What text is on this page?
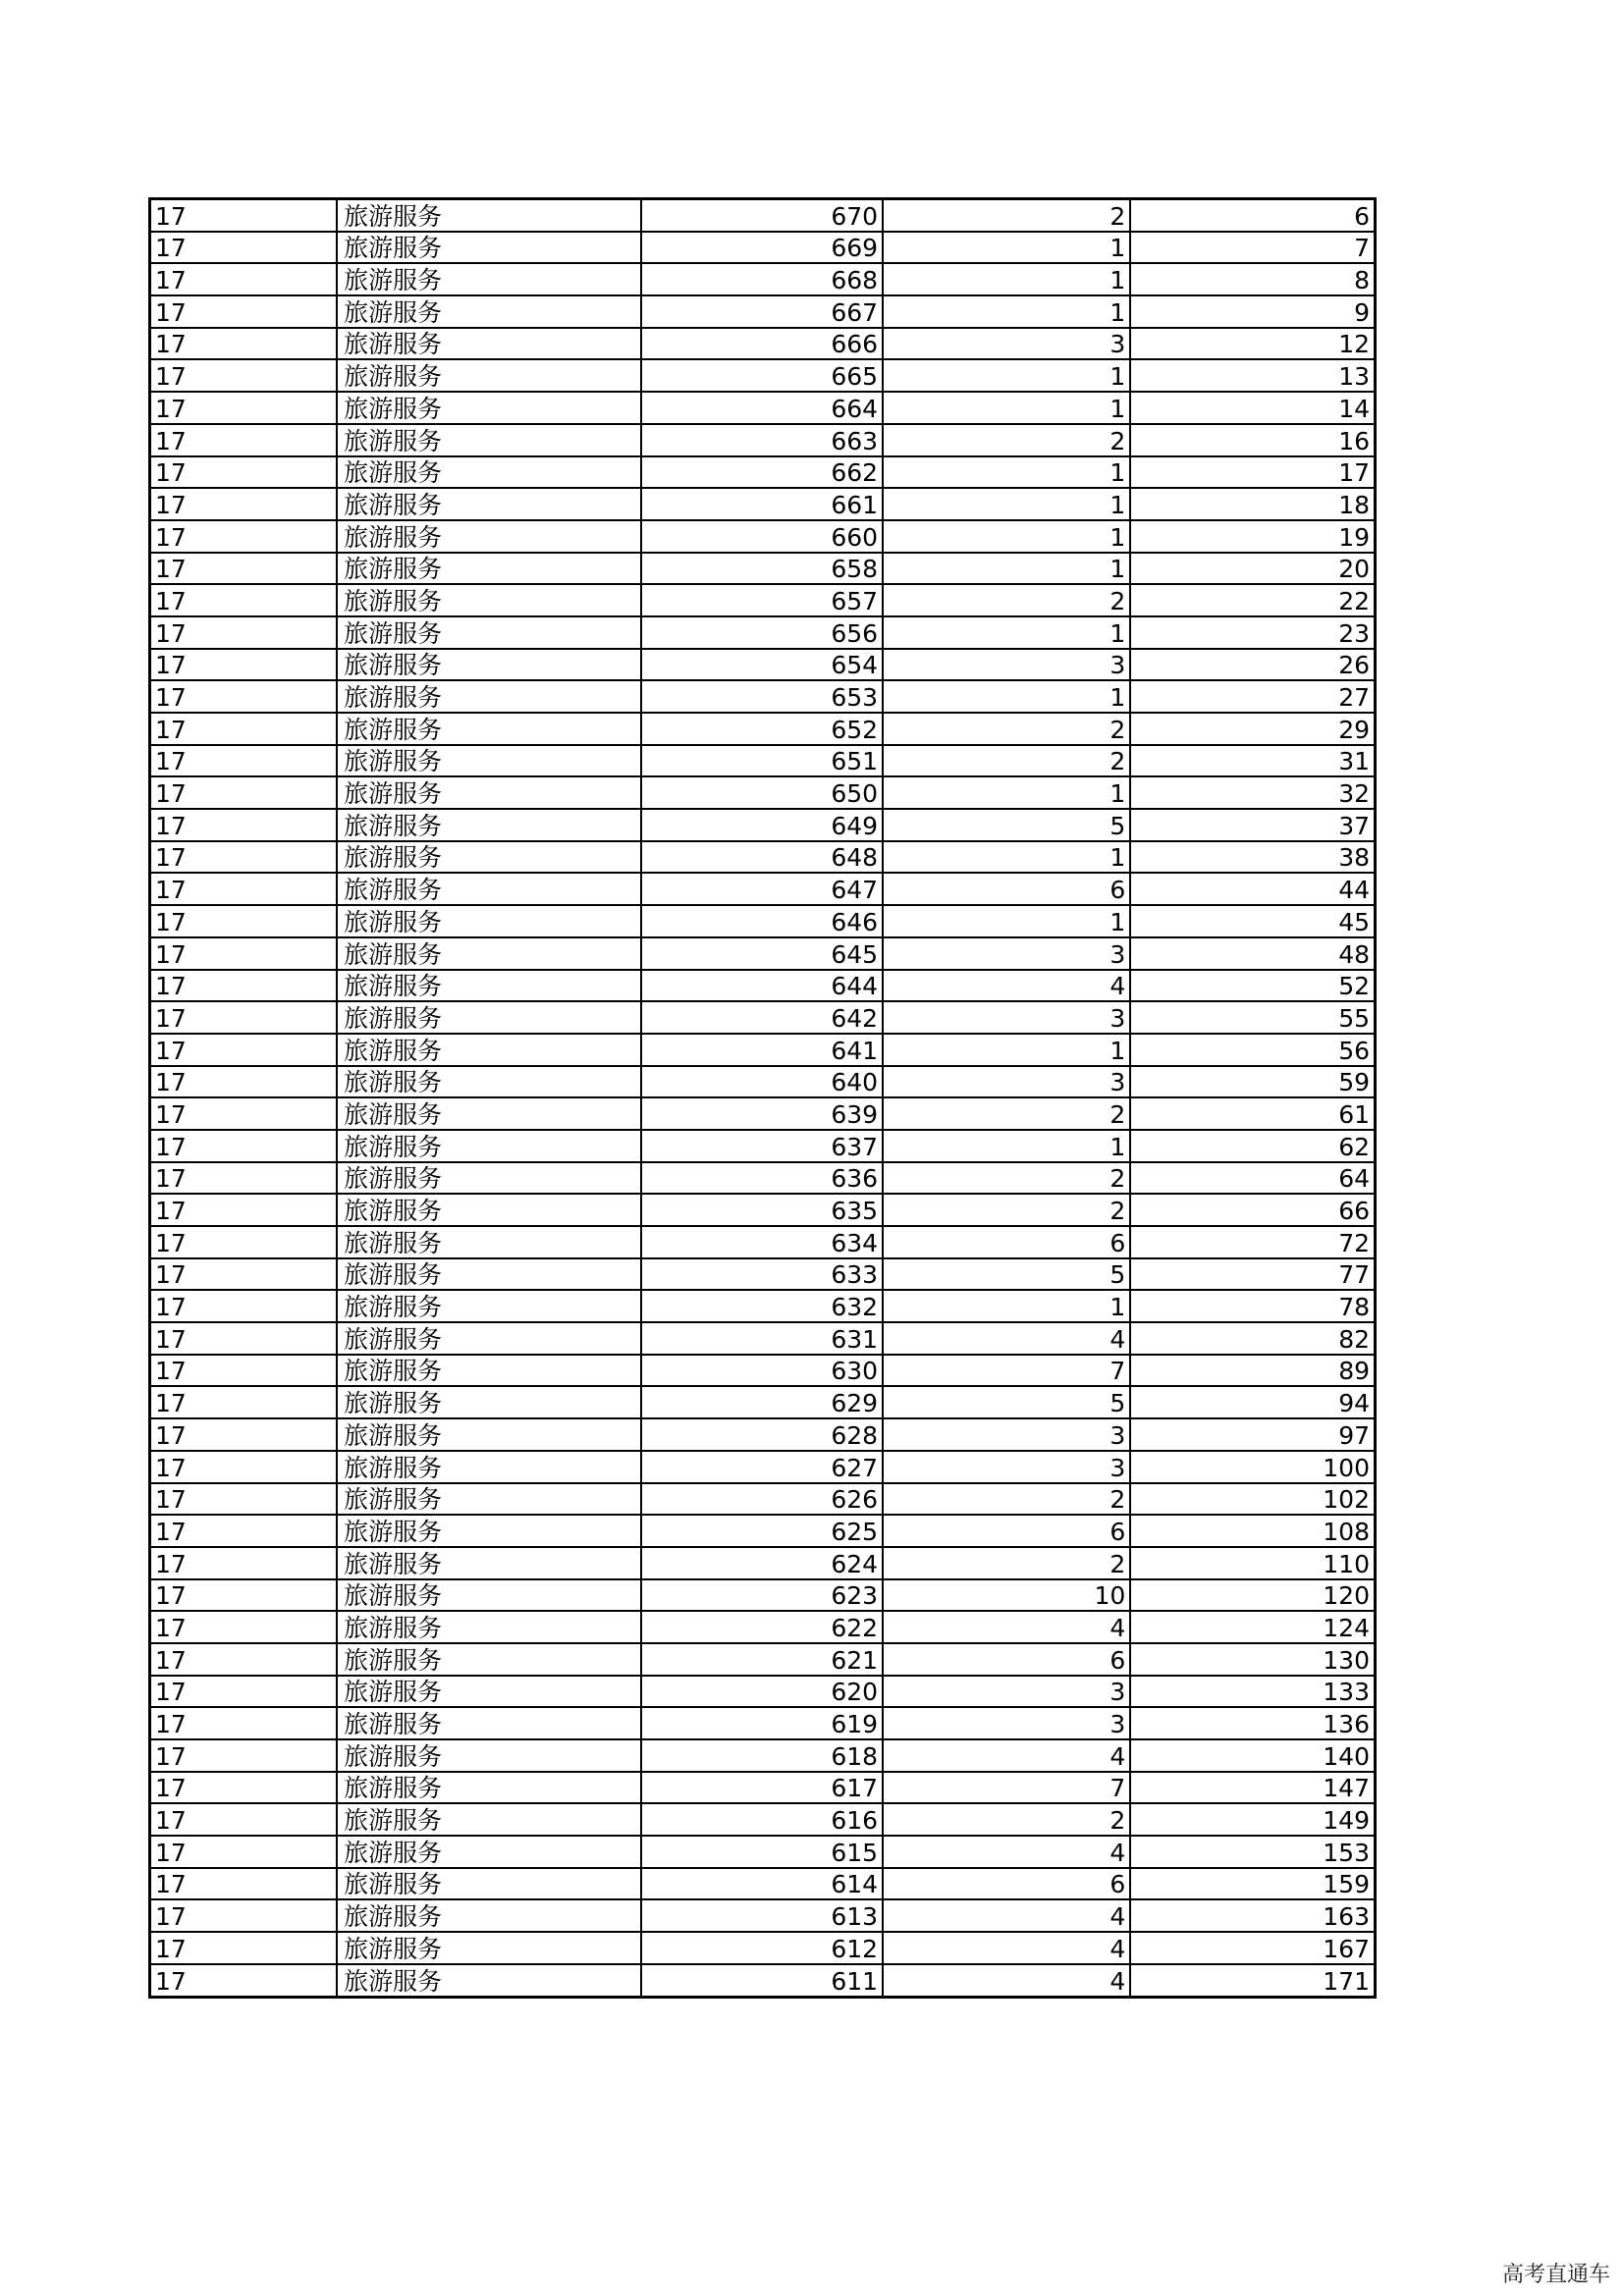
17	旅游服务	670	2	6
17	旅游服务	669	1	7
17	旅游服务	668	1	8
17	旅游服务	667	1	9
17	旅游服务	666	3	12
17	旅游服务	665	1	13
17	旅游服务	664	1	14
17	旅游服务	663	2	16
17	旅游服务	662	1	17
17	旅游服务	661	1	18
17	旅游服务	660	1	19
17	旅游服务	658	1	20
17	旅游服务	657	2	22
17	旅游服务	656	1	23
17	旅游服务	654	3	26
17	旅游服务	653	1	27
17	旅游服务	652	2	29
17	旅游服务	651	2	31
17	旅游服务	650	1	32
17	旅游服务	649	5	37
17	旅游服务	648	1	38
17	旅游服务	647	6	44
17	旅游服务	646	1	45
17	旅游服务	645	3	48
17	旅游服务	644	4	52
17	旅游服务	642	3	55
17	旅游服务	641	1	56
17	旅游服务	640	3	59
17	旅游服务	639	2	61
17	旅游服务	637	1	62
17	旅游服务	636	2	64
17	旅游服务	635	2	66
17	旅游服务	634	6	72
17	旅游服务	633	5	77
17	旅游服务	632	1	78
17	旅游服务	631	4	82
17	旅游服务	630	7	89
17	旅游服务	629	5	94
17	旅游服务	628	3	97
17	旅游服务	627	3	100
17	旅游服务	626	2	102
17	旅游服务	625	6	108
17	旅游服务	624	2	110
17	旅游服务	623	10	120
17	旅游服务	622	4	124
17	旅游服务	621	6	130
17	旅游服务	620	3	133
17	旅游服务	619	3	136
17	旅游服务	618	4	140
17	旅游服务	617	7	147
17	旅游服务	616	2	149
17	旅游服务	615	4	153
17	旅游服务	614	6	159
17	旅游服务	613	4	163
17	旅游服务	612	4	167
17	旅游服务	611	4	171
高考直通车
